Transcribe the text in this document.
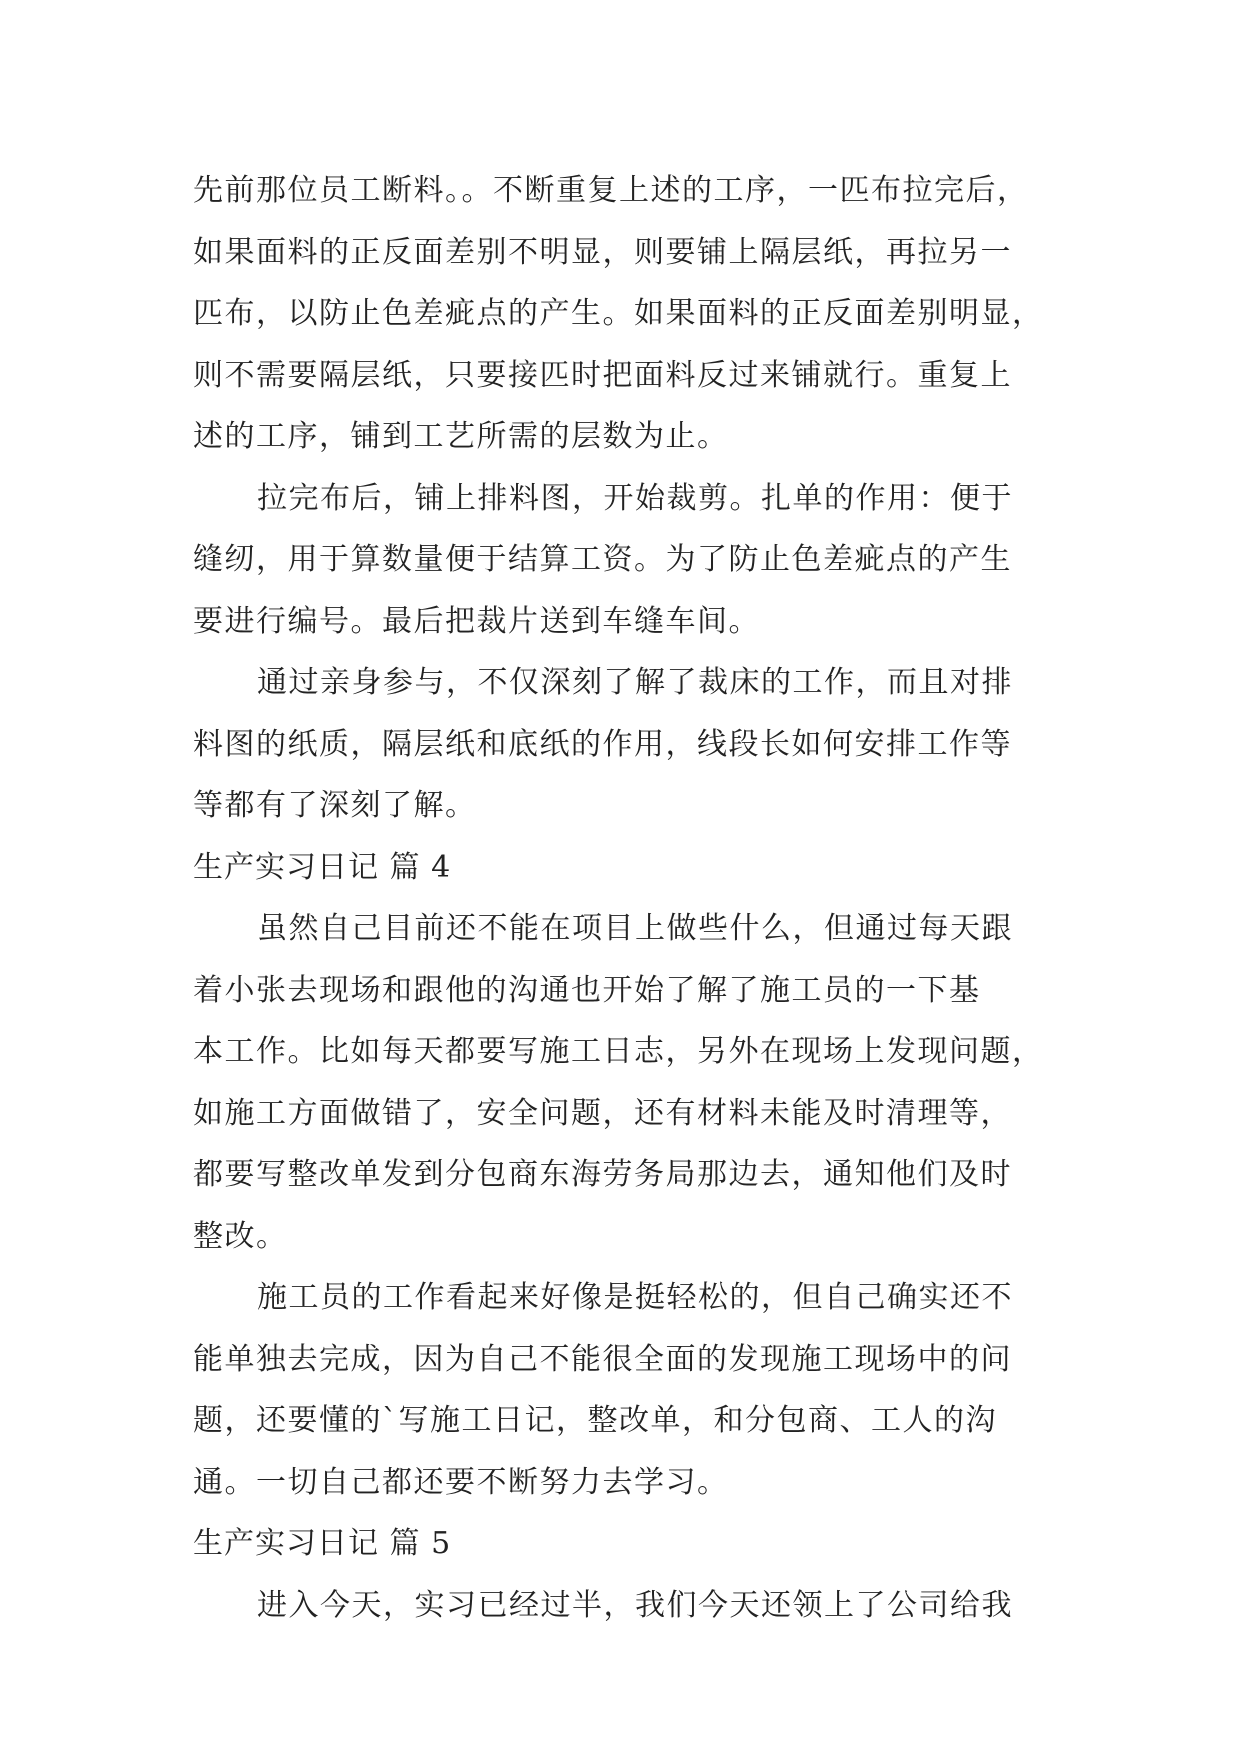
先前那位员工断料。。不断重复上述的工序，一匹布拉完后，
如果面料的正反面差别不明显，则要铺上隔层纸，再拉另一
匹布，以防止色差疵点的产生。如果面料的正反面差别明显，
则不需要隔层纸，只要接匹时把面料反过来铺就行。重复上
述的工序，铺到工艺所需的层数为止。
拉完布后，铺上排料图，开始裁剪。扎单的作用：便于
缝纫，用于算数量便于结算工资。为了防止色差疵点的产生
要进行编号。最后把裁片送到车缝车间。
通过亲身参与，不仅深刻了解了裁床的工作，而且对排
料图的纸质，隔层纸和底纸的作用，线段长如何安排工作等
等都有了深刻了解。
生产实习日记 篇 4
虽然自己目前还不能在项目上做些什么，但通过每天跟
着小张去现场和跟他的沟通也开始了解了施工员的一下基
本工作。比如每天都要写施工日志，另外在现场上发现问题，
如施工方面做错了，安全问题，还有材料未能及时清理等，
都要写整改单发到分包商东海劳务局那边去，通知他们及时
整改。
施工员的工作看起来好像是挺轻松的，但自己确实还不
能单独去完成，因为自己不能很全面的发现施工现场中的问
题，还要懂的`写施工日记，整改单，和分包商、工人的沟
通。一切自己都还要不断努力去学习。
生产实习日记 篇 5
进入今天，实习已经过半，我们今天还领上了公司给我
